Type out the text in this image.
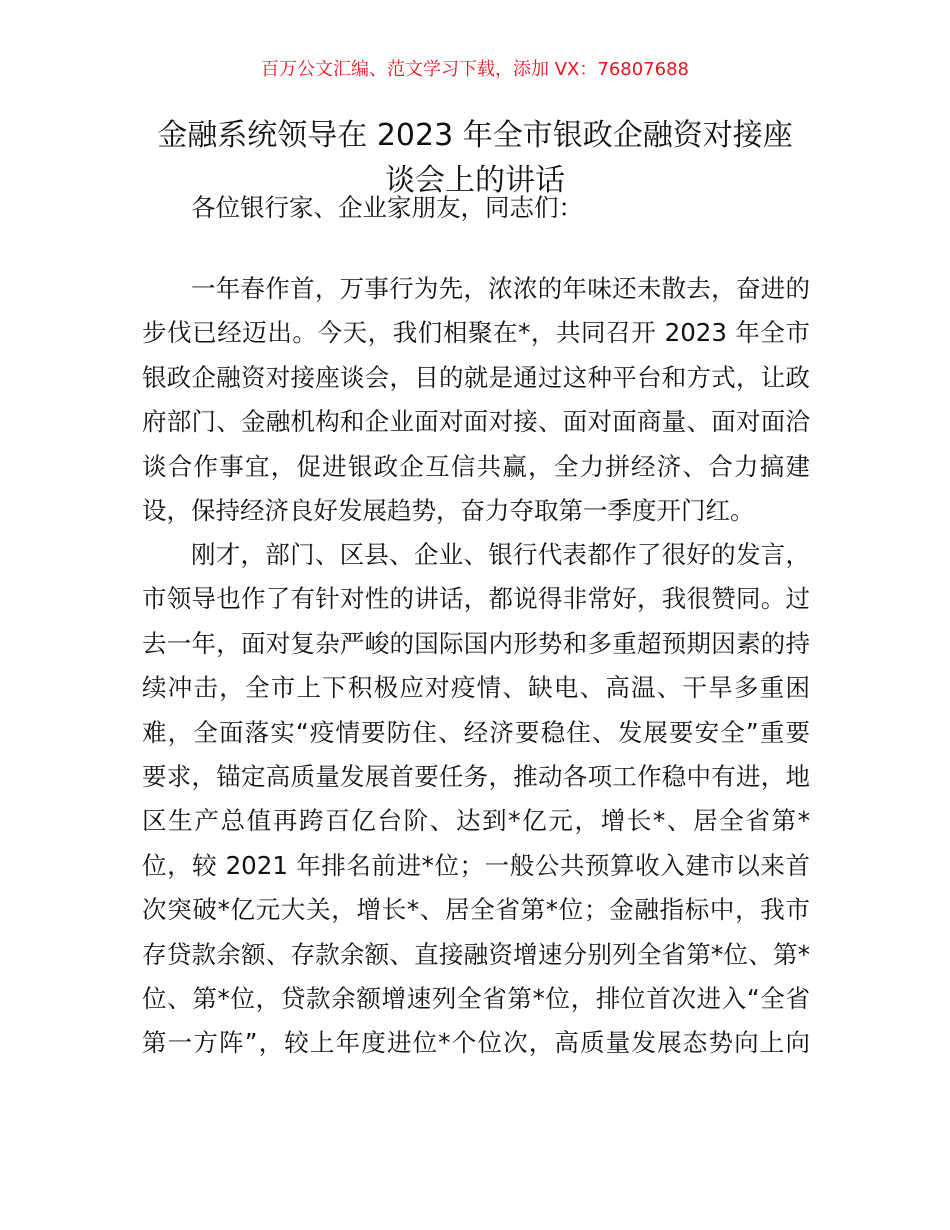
百万公文汇编、范文学习下载，添加 VX：76807688
金融系统领导在 2023 年全市银政企融资对接座
谈会上的讲话
各位银行家、企业家朋友，同志们：
一年春作首，万事行为先，浓浓的年味还未散去，奋进的
步伐已经迈出。今天，我们相聚在*，共同召开 2023 年全市
银政企融资对接座谈会，目的就是通过这种平台和方式，让政
府部门、金融机构和企业面对面对接、面对面商量、面对面洽
谈合作事宜，促进银政企互信共赢，全力拼经济、合力搞建
设，保持经济良好发展趋势，奋力夺取第一季度开门红。
刚才，部门、区县、企业、银行代表都作了很好的发言，
市领导也作了有针对性的讲话，都说得非常好，我很赞同。过
去一年，面对复杂严峻的国际国内形势和多重超预期因素的持
续冲击，全市上下积极应对疫情、缺电、高温、干旱多重困
难，全面落实“疫情要防住、经济要稳住、发展要安全”重要
要求，锚定高质量发展首要任务，推动各项工作稳中有进，地
区生产总值再跨百亿台阶、达到*亿元，增长*、居全省第*
位，较 2021 年排名前进*位；一般公共预算收入建市以来首
次突破*亿元大关，增长*、居全省第*位；金融指标中，我市
存贷款余额、存款余额、直接融资增速分别列全省第*位、第*
位、第*位，贷款余额增速列全省第*位，排位首次进入“全省
第一方阵”，较上年度进位*个位次，高质量发展态势向上向
